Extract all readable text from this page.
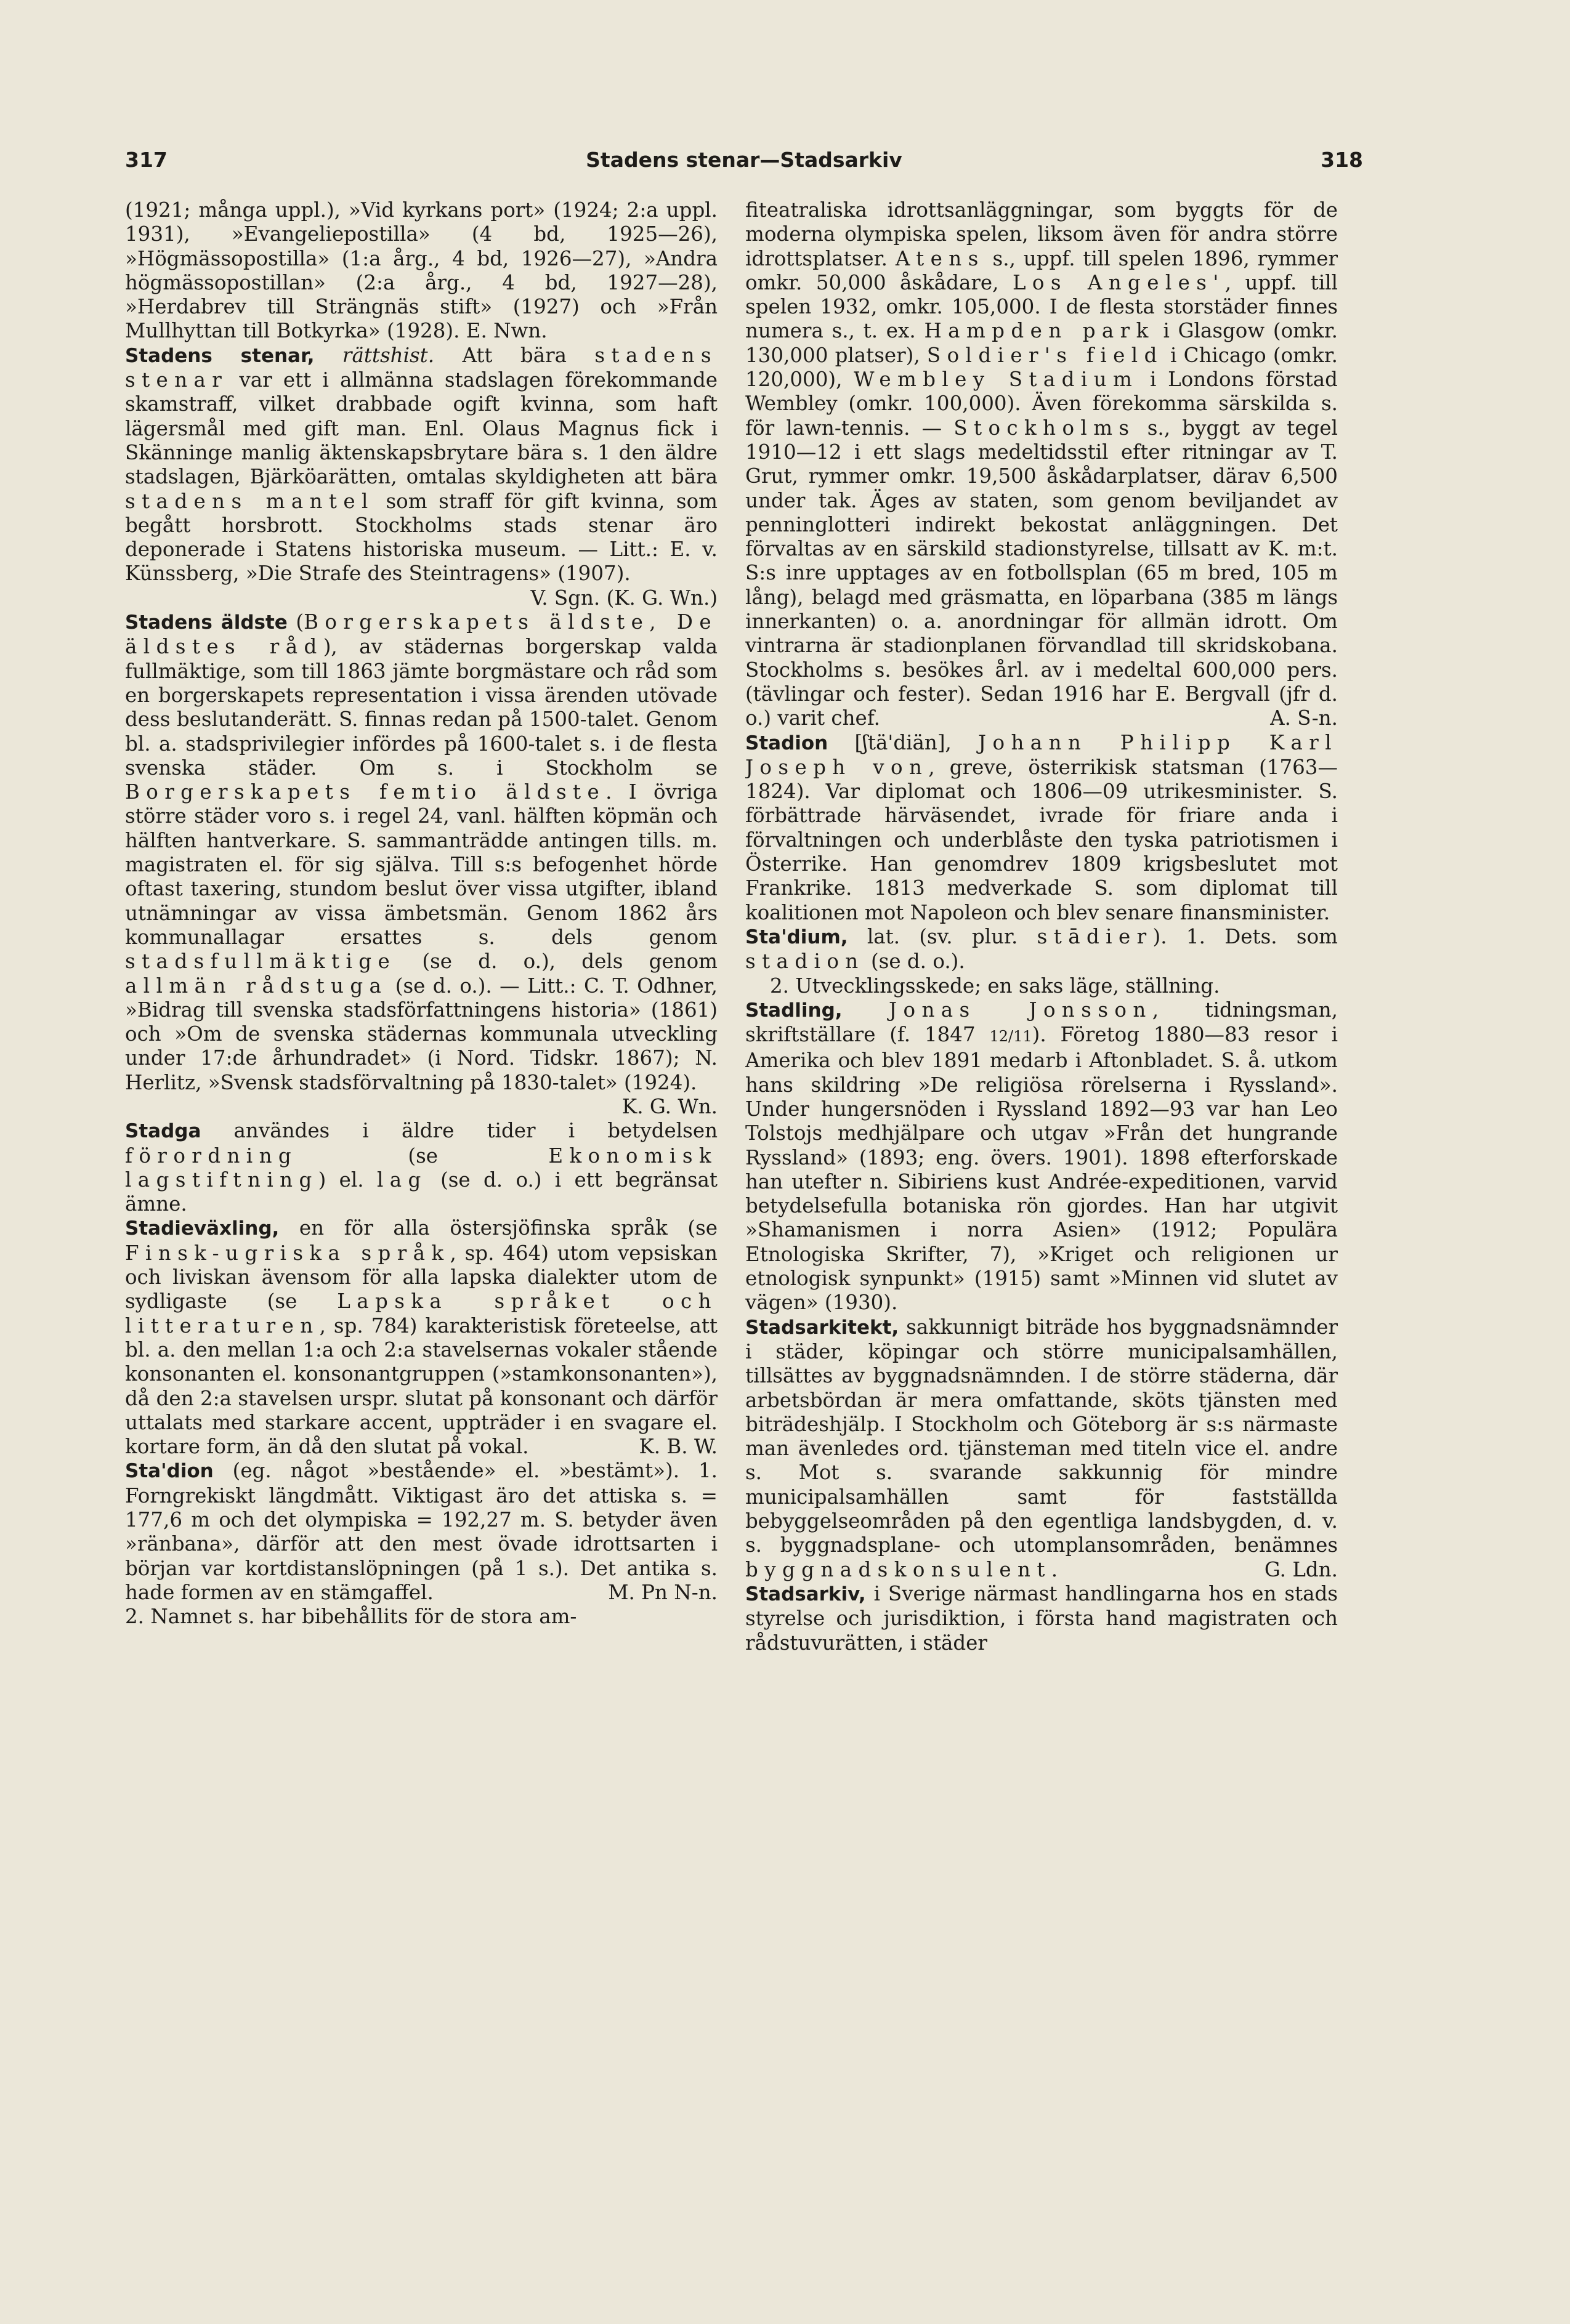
317	Stadens stenar—Stadsarkiv	318

(1921; många uppl.), »Vid kyrkans port» (1924; 2:a uppl. 1931), »Evangeliepostilla» (4 bd, 1925—26), »Högmässopostilla» (1:a årg., 4 bd, 1926—27), »Andra högmässopostillan» (2:a årg., 4 bd, 1927—28), »Herdabrev till Strängnäs stift» (1927) och »Från Mullhyttan till Botkyrka» (1928). E. Nwn.

Stadens stenar, rättshist. Att bära stadens stenar var ett i allmänna stadslagen förekommande skamstraff, vilket drabbade ogift kvinna, som haft lägersmål med gift man. Enl. Olaus Magnus fick i Skänninge manlig äktenskapsbrytare bära s. 1 den äldre stadslagen, Bjärköarätten, omtalas skyldigheten att bära stadens mantel som straff för gift kvinna, som begått horsbrott. Stockholms stads stenar äro deponerade i Statens historiska museum. — Litt.: E. v. Künssberg, »Die Strafe des Steintragens» (1907).
V. Sgn. (K. G. Wn.)

Stadens äldste (Borgerskapets äldste, De äldstes råd), av städernas borgerskap valda fullmäktige, som till 1863 jämte borgmästare och råd som en borgerskapets representation i vissa ärenden utövade dess beslutanderätt. S. finnas redan på 1500-talet. Genom bl. a. stadsprivilegier infördes på 1600-talet s. i de flesta svenska städer. Om s. i Stockholm se Borgerskapets femtio äldste. I övriga större städer voro s. i regel 24, vanl. hälften köpmän och hälften hantverkare. S. sammanträdde antingen tills. m. magistraten el. för sig själva. Till s:s befogenhet hörde oftast taxering, stundom beslut över vissa utgifter, ibland utnämningar av vissa ämbetsmän. Genom 1862 års kommunallagar ersattes s. dels genom stadsfullmäktige (se d. o.), dels genom allmän rådstuga (se d. o.). — Litt.: C. T. Odhner, »Bidrag till svenska stadsförfattningens historia» (1861) och »Om de svenska städernas kommunala utveckling under 17:de århundradet» (i Nord. Tidskr. 1867); N. Herlitz, »Svensk stadsförvaltning på 1830-talet» (1924).
K. G. Wn.

Stadga användes i äldre tider i betydelsen förordning (se Ekonomisk lagstiftning) el. lag (se d. o.) i ett begränsat ämne.

Stadieväxling, en för alla östersjöfinska språk (se Finsk-ugriska språk, sp. 464) utom vepsiskan och liviskan ävensom för alla lapska dialekter utom de sydligaste (se Lapska språket och litteraturen, sp. 784) karakteristisk företeelse, att bl. a. den mellan 1:a och 2:a stavelsernas vokaler stående konsonanten el. konsonantgruppen (»stamkonsonanten»), då den 2:a stavelsen urspr. slutat på konsonant och därför uttalats med starkare accent, uppträder i en svagare el. kortare form, än då den slutat på vokal.	K. B. W.

Sta'dion (eg. något »bestående» el. »bestämt»). 1. Forngrekiskt längdmått. Viktigast äro det attiska s. = 177,6 m och det olympiska = 192,27 m. S. betyder även »ränbana», därför att den mest övade idrottsarten i början var kortdistanslöpningen (på 1 s.). Det antika s. hade formen av en stämgaffel.	M. Pn N-n.

2. Namnet s. har bibehållits för de stora am-

fiteatraliska idrottsanläggningar, som byggts för de moderna olympiska spelen, liksom även för andra större idrottsplatser. Atens s., uppf. till spelen 1896, rymmer omkr. 50,000 åskådare, Los Angeles', uppf. till spelen 1932, omkr. 105,000. I de flesta storstäder finnes numera s., t. ex. Hampden park i Glasgow (omkr. 130,000 platser), Soldier's field i Chicago (omkr. 120,000), Wembley Stadium i Londons förstad Wembley (omkr. 100,000). Även förekomma särskilda s. för lawn-tennis. — Stockholms s., byggt av tegel 1910—12 i ett slags medeltidsstil efter ritningar av T. Grut, rymmer omkr. 19,500 åskådarplatser, därav 6,500 under tak. Äges av staten, som genom beviljandet av penninglotteri indirekt bekostat anläggningen. Det förvaltas av en särskild stadionstyrelse, tillsatt av K. m:t. S:s inre upptages av en fotbollsplan (65 m bred, 105 m lång), belagd med gräsmatta, en löparbana (385 m längs innerkanten) o. a. anordningar för allmän idrott. Om vintrarna är stadionplanen förvandlad till skridskobana. Stockholms s. besökes årl. av i medeltal 600,000 pers. (tävlingar och fester). Sedan 1916 har E. Bergvall (jfr d. o.) varit chef.	A. S-n.

Stadion [ʃtä'diän], Johann Philipp Karl Joseph von, greve, österrikisk statsman (1763—1824). Var diplomat och 1806—09 utrikesminister. S. förbättrade härväsendet, ivrade för friare anda i förvaltningen och underblåste den tyska patriotismen i Österrike. Han genomdrev 1809 krigsbeslutet mot Frankrike. 1813 medverkade S. som diplomat till koalitionen mot Napoleon och blev senare finansminister.

Sta'dium, lat. (sv. plur. stādier). 1. Dets. som stadion (se d. o.).

2. Utvecklingsskede; en saks läge, ställning.

Stadling, Jonas Jonsson, tidningsman, skriftställare (f. 1847 12/11). Företog 1880—83 resor i Amerika och blev 1891 medarb i Aftonbladet. S. å. utkom hans skildring »De religiösa rörelserna i Ryssland». Under hungersnöden i Ryssland 1892—93 var han Leo Tolstojs medhjälpare och utgav »Från det hungrande Ryssland» (1893; eng. övers. 1901). 1898 efterforskade han utefter n. Sibiriens kust Andrée-expeditionen, varvid betydelsefulla botaniska rön gjordes. Han har utgivit »Shamanismen i norra Asien» (1912; Populära Etnologiska Skrifter, 7), »Kriget och religionen ur etnologisk synpunkt» (1915) samt »Minnen vid slutet av vägen» (1930).

Stadsarkitekt, sakkunnigt biträde hos byggnadsnämnder i städer, köpingar och större municipalsamhällen, tillsättes av byggnadsnämnden. I de större städerna, där arbetsbördan är mera omfattande, sköts tjänsten med biträdeshjälp. I Stockholm och Göteborg är s:s närmaste man ävenledes ord. tjänsteman med titeln vice el. andre s. Mot s. svarande sakkunnig för mindre municipalsamhällen samt för fastställda bebyggelseområden på den egentliga landsbygden, d. v. s. byggnadsplane- och utomplansområden, benämnes byggnadskonsulent.	G. Ldn.

Stadsarkiv, i Sverige närmast handlingarna hos en stads styrelse och jurisdiktion, i första hand magistraten och rådstuvurätten, i städer
